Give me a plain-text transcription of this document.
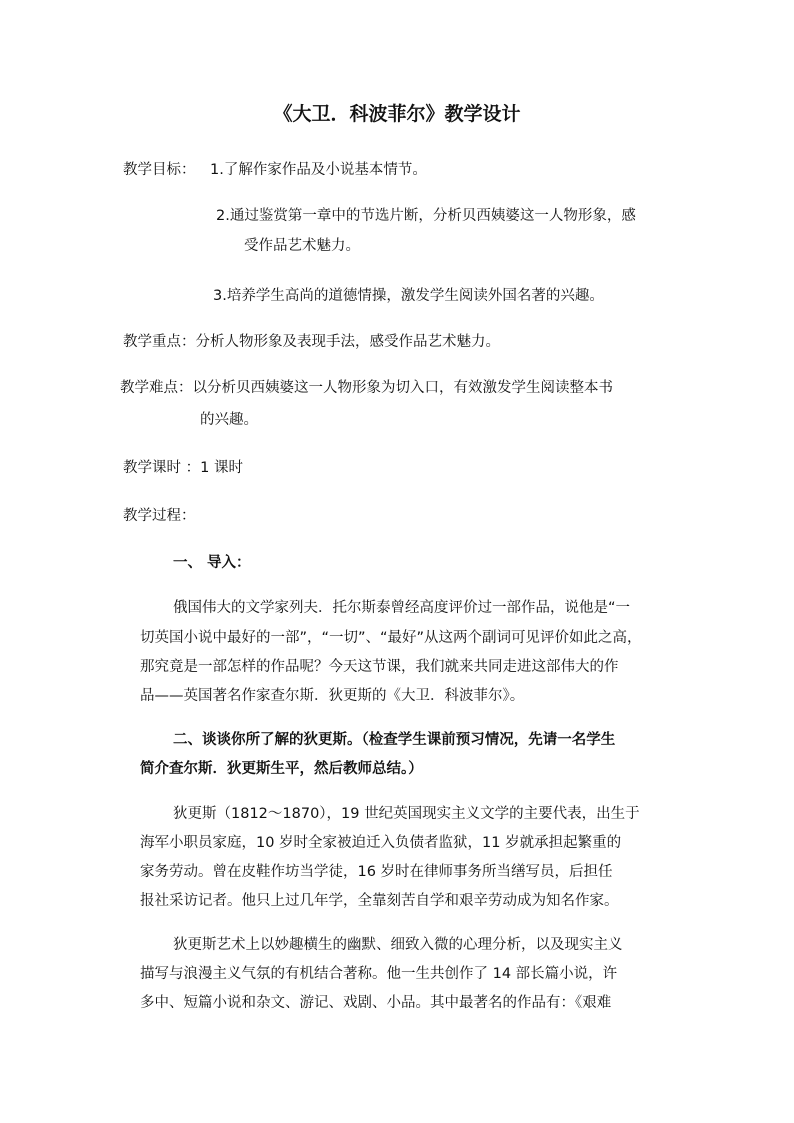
《大卫．科波菲尔》教学设计
教学目标： 1.了解作家作品及小说基本情节。
2.通过鉴赏第一章中的节选片断，分析贝西姨婆这一人物形象，感
受作品艺术魅力。
3.培养学生高尚的道德情操，激发学生阅读外国名著的兴趣。
教学重点：分析人物形象及表现手法，感受作品艺术魅力。
教学难点：以分析贝西姨婆这一人物形象为切入口，有效激发学生阅读整本书
的兴趣。
教学课时 ：1 课时
教学过程：
一、 导入：
俄国伟大的文学家列夫．托尔斯泰曾经高度评价过一部作品，说他是“一
切英国小说中最好的一部”，“一切”、“最好”从这两个副词可见评价如此之高，
那究竟是一部怎样的作品呢？今天这节课，我们就来共同走进这部伟大的作
品——英国著名作家查尔斯．狄更斯的《大卫．科波菲尔》。
二、谈谈你所了解的狄更斯。（检查学生课前预习情况，先请一名学生
简介查尔斯．狄更斯生平，然后教师总结。）
狄更斯（1812～1870），19 世纪英国现实主义文学的主要代表，出生于
海军小职员家庭，10 岁时全家被迫迁入负债者监狱，11 岁就承担起繁重的
家务劳动。曾在皮鞋作坊当学徒，16 岁时在律师事务所当缮写员，后担任
报社采访记者。他只上过几年学，全靠刻苦自学和艰辛劳动成为知名作家。
狄更斯艺术上以妙趣横生的幽默、细致入微的心理分析，以及现实主义
描写与浪漫主义气氛的有机结合著称。他一生共创作了 14 部长篇小说，许
多中、短篇小说和杂文、游记、戏剧、小品。其中最著名的作品有：《艰难
